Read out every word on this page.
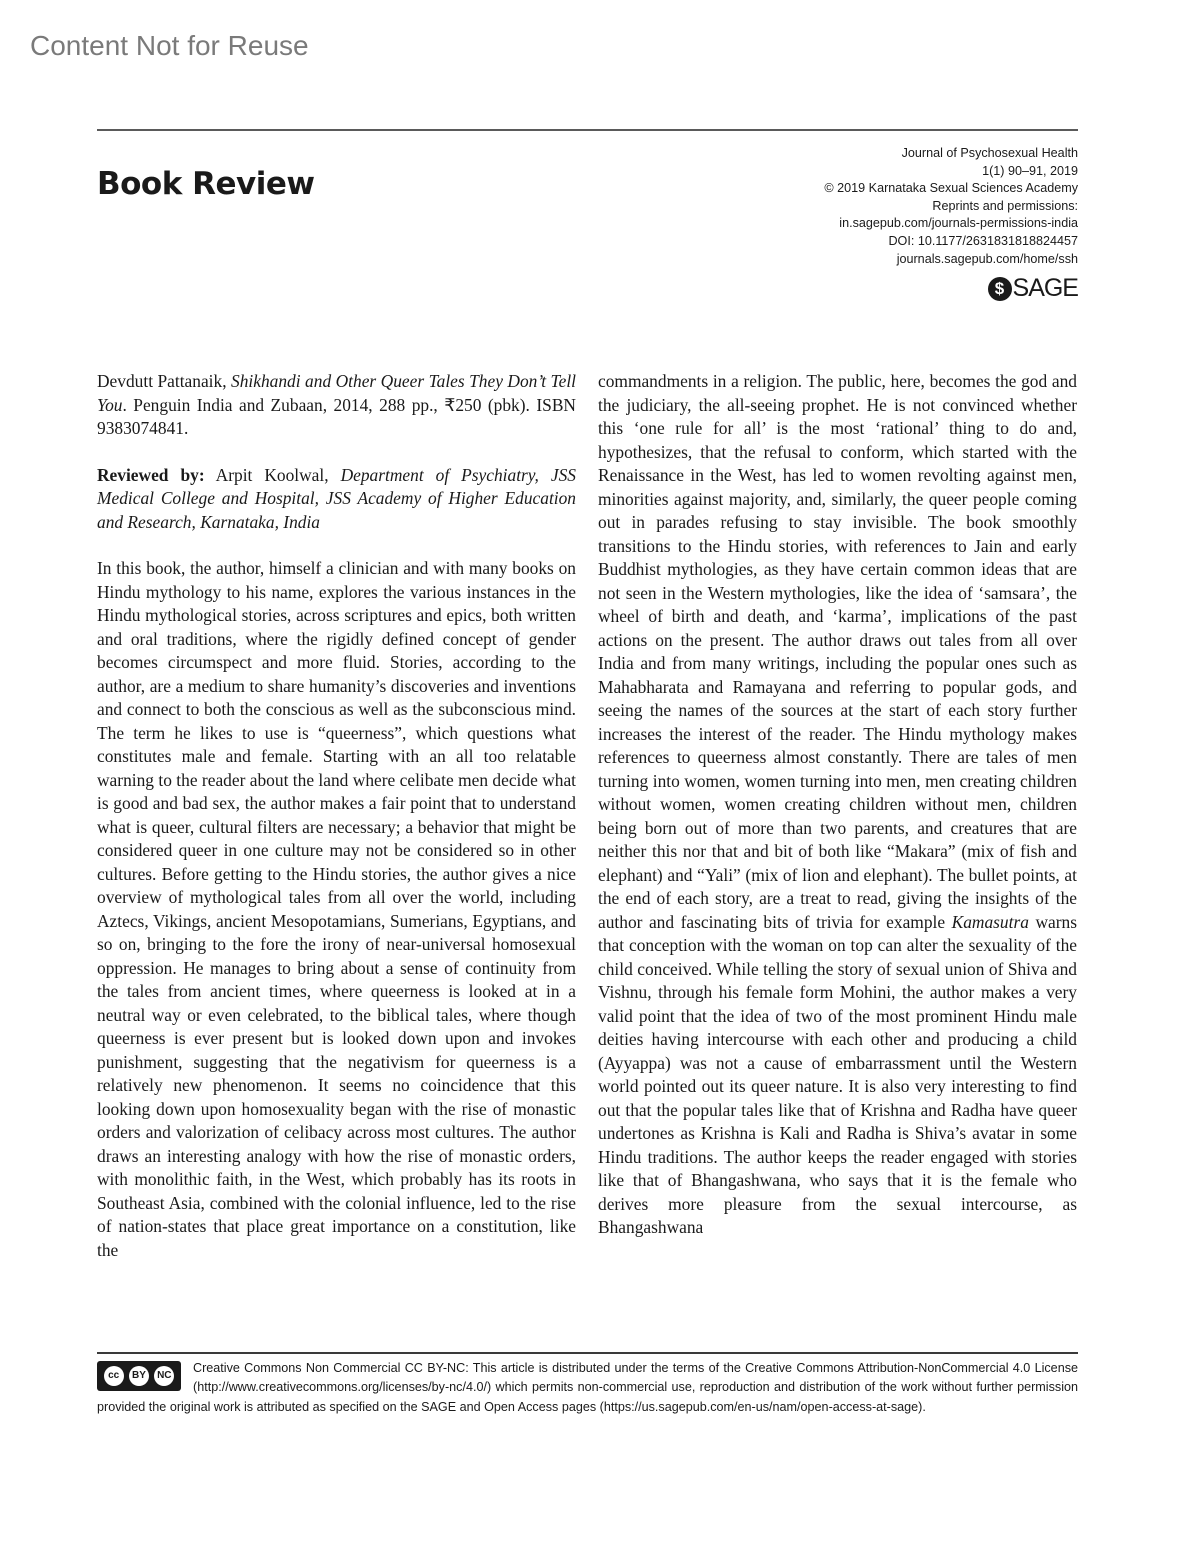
Content Not for Reuse
Book Review
Journal of Psychosexual Health
1(1) 90–91, 2019
© 2019 Karnataka Sexual Sciences Academy
Reprints and permissions:
in.sagepub.com/journals-permissions-india
DOI: 10.1177/2631831818824457
journals.sagepub.com/home/ssh
$ SAGE

Devdutt Pattanaik, Shikhandi and Other Queer Tales They Don’t Tell You. Penguin India and Zubaan, 2014, 288 pp., ₹250 (pbk). ISBN 9383074841.

Reviewed by: Arpit Koolwal, Department of Psychiatry, JSS Medical College and Hospital, JSS Academy of Higher Education and Research, Karnataka, India

In this book, the author, himself a clinician and with many books on Hindu mythology to his name, explores the various instances in the Hindu mythological stories, across scriptures and epics, both written and oral traditions, where the rigidly defined concept of gender becomes circumspect and more fluid. Stories, according to the author, are a medium to share humanity’s discoveries and inventions and connect to both the conscious as well as the subconscious mind. The term he likes to use is “queerness”, which questions what constitutes male and female. Starting with an all too relatable warning to the reader about the land where celibate men decide what is good and bad sex, the author makes a fair point that to understand what is queer, cultural filters are necessary; a behavior that might be considered queer in one culture may not be considered so in other cultures. Before getting to the Hindu stories, the author gives a nice overview of mythological tales from all over the world, including Aztecs, Vikings, ancient Mesopotamians, Sumerians, Egyptians, and so on, bringing to the fore the irony of near-universal homosexual oppression. He manages to bring about a sense of continuity from the tales from ancient times, where queerness is looked at in a neutral way or even celebrated, to the biblical tales, where though queerness is ever present but is looked down upon and invokes punishment, suggesting that the negativism for queerness is a relatively new phenomenon. It seems no coincidence that this looking down upon homosexuality began with the rise of monastic orders and valorization of celibacy across most cultures. The author draws an interesting analogy with how the rise of monastic orders, with monolithic faith, in the West, which probably has its roots in Southeast Asia, combined with the colonial influence, led to the rise of nation-states that place great importance on a constitution, like the

commandments in a religion. The public, here, becomes the god and the judiciary, the all-seeing prophet. He is not convinced whether this ‘one rule for all’ is the most ‘rational’ thing to do and, hypothesizes, that the refusal to conform, which started with the Renaissance in the West, has led to women revolting against men, minorities against majority, and, similarly, the queer people coming out in parades refusing to stay invisible. The book smoothly transitions to the Hindu stories, with references to Jain and early Buddhist mythologies, as they have certain common ideas that are not seen in the Western mythologies, like the idea of ‘samsara’, the wheel of birth and death, and ‘karma’, implications of the past actions on the present. The author draws out tales from all over India and from many writings, including the popular ones such as Mahabharata and Ramayana and referring to popular gods, and seeing the names of the sources at the start of each story further increases the interest of the reader. The Hindu mythology makes references to queerness almost constantly. There are tales of men turning into women, women turning into men, men creating children without women, women creating children without men, children being born out of more than two parents, and creatures that are neither this nor that and bit of both like “Makara” (mix of fish and elephant) and “Yali” (mix of lion and elephant). The bullet points, at the end of each story, are a treat to read, giving the insights of the author and fascinating bits of trivia for example Kamasutra warns that conception with the woman on top can alter the sexuality of the child conceived. While telling the story of sexual union of Shiva and Vishnu, through his female form Mohini, the author makes a very valid point that the idea of two of the most prominent Hindu male deities having intercourse with each other and producing a child (Ayyappa) was not a cause of embarrassment until the Western world pointed out its queer nature. It is also very interesting to find out that the popular tales like that of Krishna and Radha have queer undertones as Krishna is Kali and Radha is Shiva’s avatar in some Hindu traditions. The author keeps the reader engaged with stories like that of Bhangashwana, who says that it is the female who derives more pleasure from the sexual intercourse, as Bhangashwana

cc	BY	NC
Creative Commons Non Commercial CC BY-NC: This article is distributed under the terms of the Creative Commons Attribution-NonCommercial 4.0 License (http://www.creativecommons.org/licenses/by-nc/4.0/) which permits non-commercial use, reproduction and distribution of the work without further permission provided the original work is attributed as specified on the SAGE and Open Access pages (https://us.sagepub.com/en-us/nam/open-access-at-sage).
